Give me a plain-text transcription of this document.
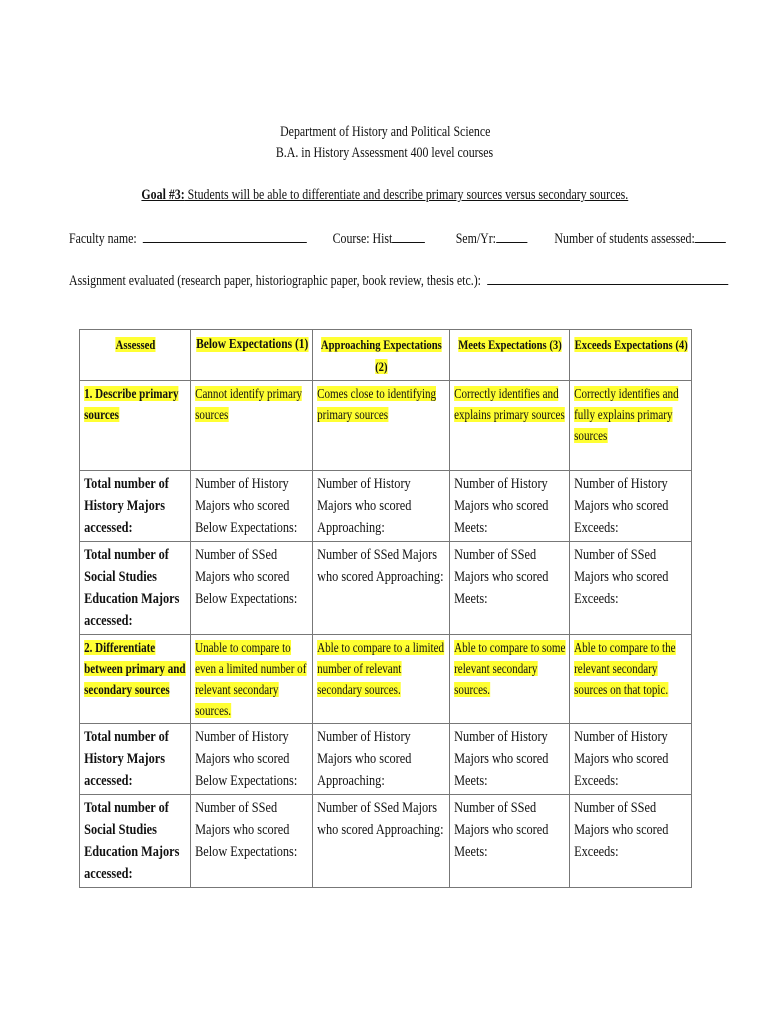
Department of History and Political Science
B.A. in History Assessment 400 level courses
Goal #3: Students will be able to differentiate and describe primary sources versus secondary sources.
Faculty name:	Course: Hist	Sem/Yr:	Number of students assessed:
Assignment evaluated (research paper, historiographic paper, book review, thesis etc.):
Assessed	Below Expectations (1)	Approaching Expectations (2)	Meets Expectations (3)	Exceeds Expectations (4)

1. Describe primary sources	Cannot identify primary sources	Comes close to identifying primary sources	Correctly identifies and explains primary sources	Correctly identifies and fully explains primary sources

Total number of History Majors accessed:	Number of History Majors who scored Below Expectations:	Number of History Majors who scored Approaching:	Number of History Majors who scored Meets:	Number of History Majors who scored Exceeds:

Total number of Social Studies Education Majors accessed:	Number of SSed Majors who scored Below Expectations:	Number of SSed Majors who scored Approaching:	Number of SSed Majors who scored Meets:	Number of SSed Majors who scored Exceeds:

2. Differentiate between primary and secondary sources	Unable to compare to even a limited number of relevant secondary sources.	Able to compare to a limited number of relevant secondary sources.	Able to compare to some relevant secondary sources.	Able to compare to the relevant secondary sources on that topic.

Total number of History Majors accessed:	Number of History Majors who scored Below Expectations:	Number of History Majors who scored Approaching:	Number of History Majors who scored Meets:	Number of History Majors who scored Exceeds:

Total number of Social Studies Education Majors accessed:	Number of SSed Majors who scored Below Expectations:	Number of SSed Majors who scored Approaching:	Number of SSed Majors who scored Meets:	Number of SSed Majors who scored Exceeds:
